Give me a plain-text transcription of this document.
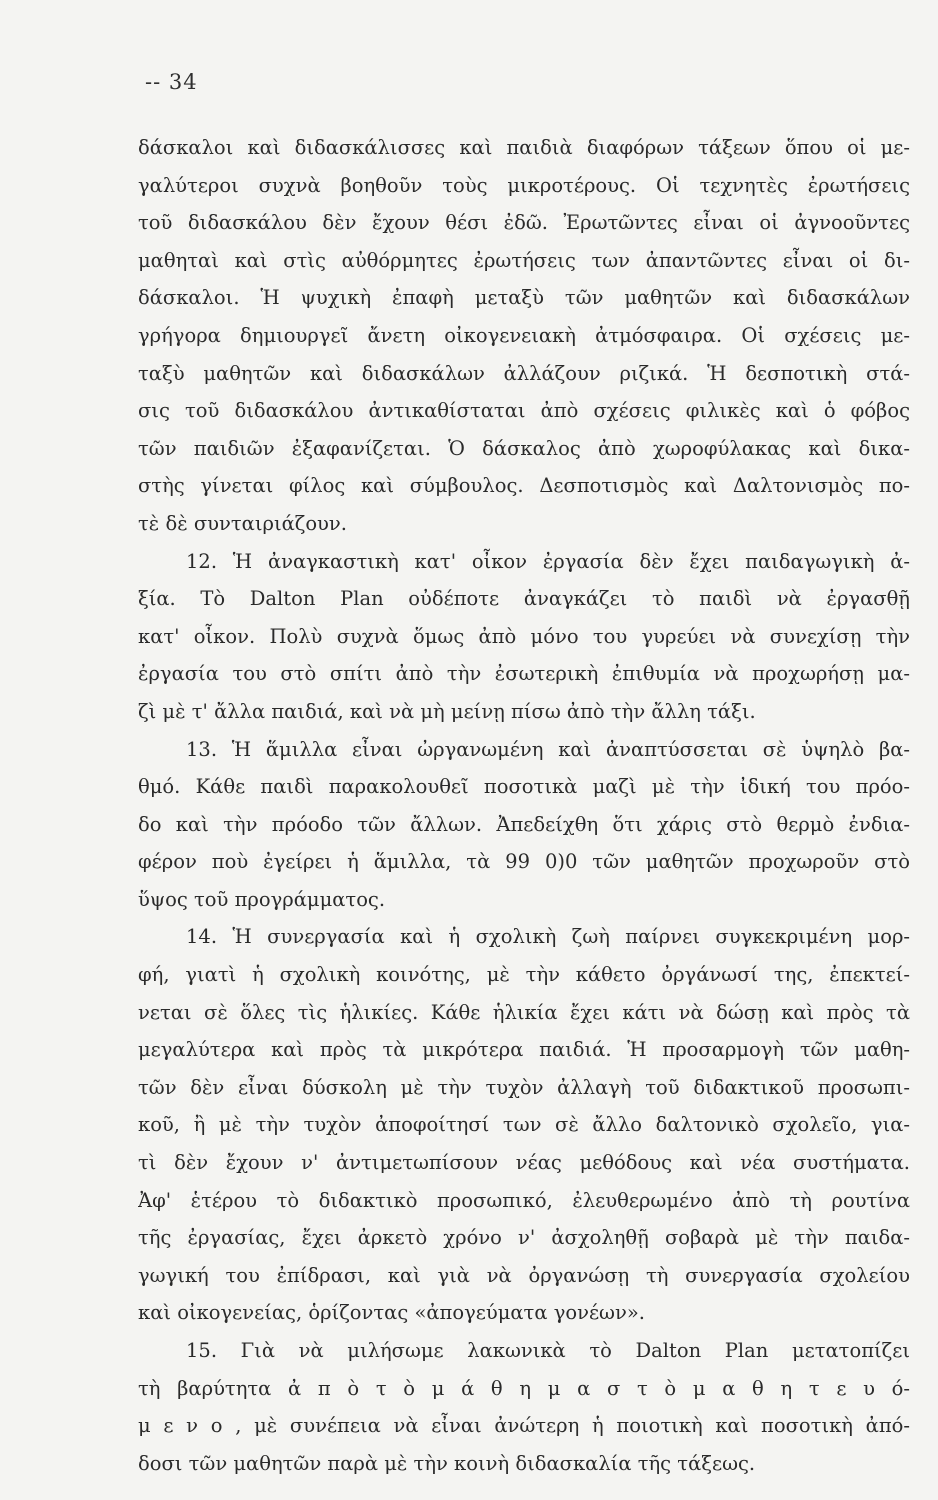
-- 34
δάσκαλοι καὶ διδασκάλισσες καὶ παιδιὰ διαφόρων τάξεων ὅπου οἱ με-
γαλύτεροι συχνὰ βοηθοῦν τοὺς μικροτέρους. Οἱ τεχνητὲς ἐρωτήσεις
τοῦ διδασκάλου δὲν ἔχουν θέσι ἐδῶ. Ἐρωτῶντες εἶναι οἱ ἀγνοοῦντες
μαθηταὶ καὶ στὶς αὐθόρμητες ἐρωτήσεις των ἀπαντῶντες εἶναι οἱ δι-
δάσκαλοι. Ἡ ψυχικὴ ἐπαφὴ μεταξὺ τῶν μαθητῶν καὶ διδασκάλων
γρήγορα δημιουργεῖ ἄνετη οἰκογενειακὴ ἀτμόσφαιρα. Οἱ σχέσεις με-
ταξὺ μαθητῶν καὶ διδασκάλων ἀλλάζουν ριζικά. Ἡ δεσποτικὴ στά-
σις τοῦ διδασκάλου ἀντικαθίσταται ἀπὸ σχέσεις φιλικὲς καὶ ὁ φόβος
τῶν παιδιῶν ἐξαφανίζεται. Ὁ δάσκαλος ἀπὸ χωροφύλακας καὶ δικα-
στὴς γίνεται φίλος καὶ σύμβουλος. Δεσποτισμὸς καὶ Δαλτονισμὸς πο-
τὲ δὲ συνταιριάζουν.
12. Ἡ ἀναγκαστικὴ κατ' οἶκον ἐργασία δὲν ἔχει παιδαγωγικὴ ἀ-
ξία. Τὸ Dalton Plan οὐδέποτε ἀναγκάζει τὸ παιδὶ νὰ ἐργασθῇ
κατ' οἶκον. Πολὺ συχνὰ ὅμως ἀπὸ μόνο του γυρεύει νὰ συνεχίσῃ τὴν
ἐργασία του στὸ σπίτι ἀπὸ τὴν ἐσωτερικὴ ἐπιθυμία νὰ προχωρήσῃ μα-
ζὶ μὲ τ' ἄλλα παιδιά, καὶ νὰ μὴ μείνῃ πίσω ἀπὸ τὴν ἄλλη τάξι.
13. Ἡ ἅμιλλα εἶναι ὠργανωμένη καὶ ἀναπτύσσεται σὲ ὑψηλὸ βα-
θμό. Κάθε παιδὶ παρακολουθεῖ ποσοτικὰ μαζὶ μὲ τὴν ἰδική του πρόο-
δο καὶ τὴν πρόοδο τῶν ἄλλων. Ἀπεδείχθη ὅτι χάρις στὸ θερμὸ ἐνδια-
φέρον ποὺ ἐγείρει ἡ ἅμιλλα, τὰ 99 0)0 τῶν μαθητῶν προχωροῦν στὸ
ὕψος τοῦ προγράμματος.
14. Ἡ συνεργασία καὶ ἡ σχολικὴ ζωὴ παίρνει συγκεκριμένη μορ-
φή, γιατὶ ἡ σχολικὴ κοινότης, μὲ τὴν κάθετο ὀργάνωσί της, ἐπεκτεί-
νεται σὲ ὅλες τὶς ἡλικίες. Κάθε ἡλικία ἔχει κάτι νὰ δώσῃ καὶ πρὸς τὰ
μεγαλύτερα καὶ πρὸς τὰ μικρότερα παιδιά. Ἡ προσαρμογὴ τῶν μαθη-
τῶν δὲν εἶναι δύσκολη μὲ τὴν τυχὸν ἀλλαγὴ τοῦ διδακτικοῦ προσωπι-
κοῦ, ἢ μὲ τὴν τυχὸν ἀποφοίτησί των σὲ ἄλλο δαλτονικὸ σχολεῖο, για-
τὶ δὲν ἔχουν ν' ἀντιμετωπίσουν νέας μεθόδους καὶ νέα συστήματα.
Ἀφ' ἑτέρου τὸ διδακτικὸ προσωπικό, ἐλευθερωμένο ἀπὸ τὴ ρουτίνα
τῆς ἐργασίας, ἔχει ἀρκετὸ χρόνο ν' ἀσχοληθῇ σοβαρὰ μὲ τὴν παιδα-
γωγική του ἐπίδρασι, καὶ γιὰ νὰ ὀργανώσῃ τὴ συνεργασία σχολείου
καὶ οἰκογενείας, ὁρίζοντας «ἀπογεύματα γονέων».
15. Γιὰ νὰ μιλήσωμε λακωνικὰ τὸ Dalton Plan μετατοπίζει
τὴ βαρύτητα ἀ π ὸ τ ὸ μ ά θ η μ α σ τ ὸ μ α θ η τ ε υ ό-
μ ε ν ο , μὲ συνέπεια νὰ εἶναι ἀνώτερη ἡ ποιοτικὴ καὶ ποσοτικὴ ἀπό-
δοσι τῶν μαθητῶν παρὰ μὲ τὴν κοινὴ διδασκαλία τῆς τάξεως.
